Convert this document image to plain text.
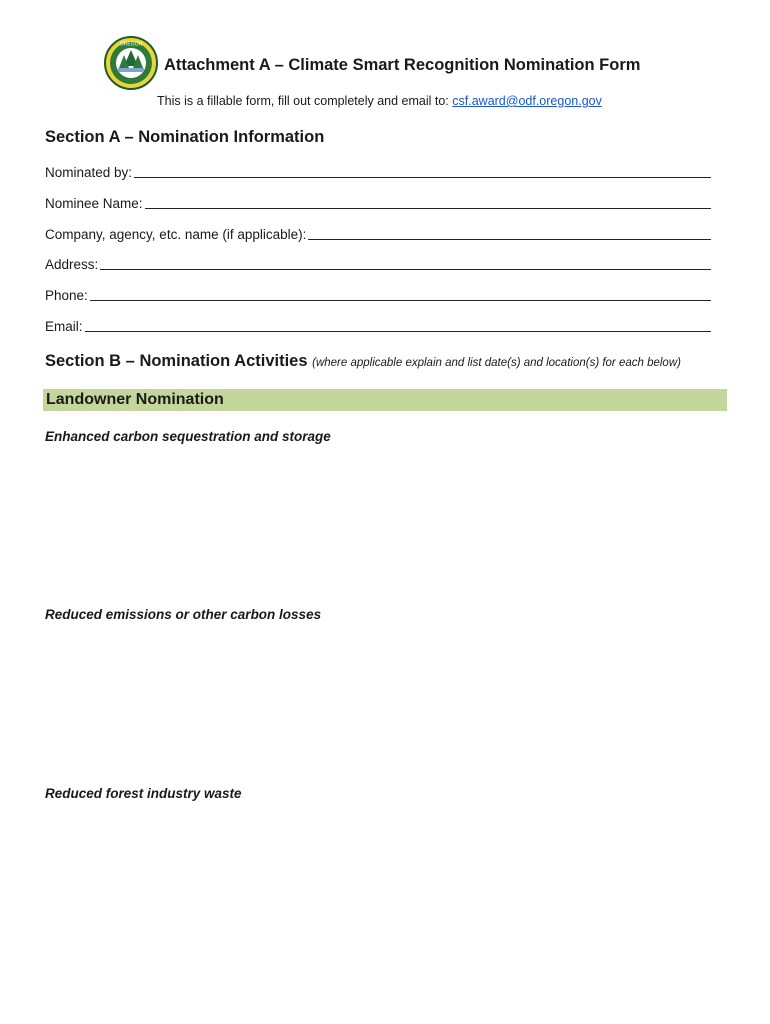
OREGON
Attachment A – Climate Smart Recognition Nomination Form
This is a fillable form, fill out completely and email to: csf.award@odf.oregon.gov
Section A – Nomination Information
Nominated by:
Nominee Name:
Company, agency, etc. name (if applicable):
Address:
Phone:
Email:
Section B – Nomination Activities (where applicable explain and list date(s) and location(s) for each below)
Landowner Nomination
Enhanced carbon sequestration and storage
Reduced emissions or other carbon losses
Reduced forest industry waste
